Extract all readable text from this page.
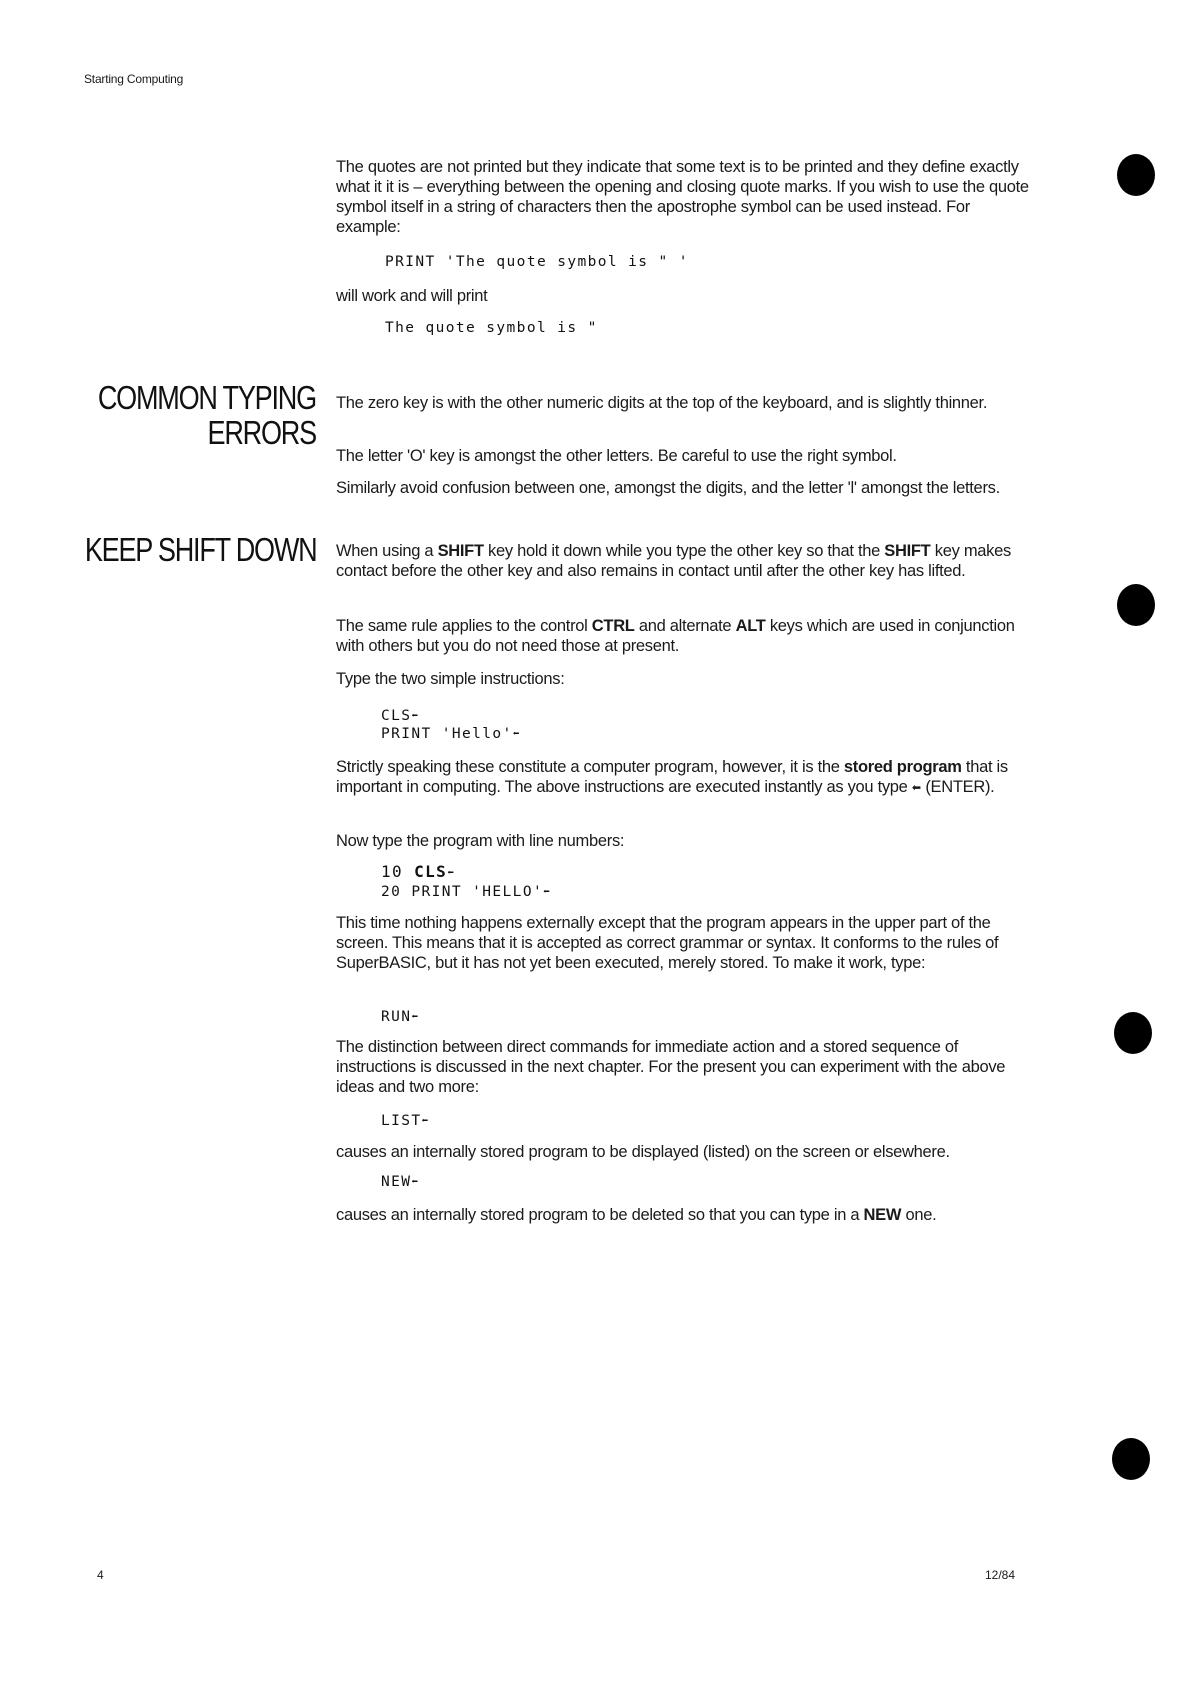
Starting Computing

The quotes are not printed but they indicate that some text is to be printed and they define exactly what it it is – everything between the opening and closing quote marks. If you wish to use the quote symbol itself in a string of characters then the apostrophe symbol can be used instead. For example:

PRINT 'The quote symbol is " '

will work and will print

The quote symbol is "
COMMON TYPING
ERRORS

The zero key is with the other numeric digits at the top of the keyboard, and is slightly thinner.

The letter 'O' key is amongst the other letters. Be careful to use the right symbol.

Similarly avoid confusion between one, amongst the digits, and the letter 'l' amongst the letters.

KEEP SHIFT DOWN When using a SHIFT key hold it down while you type the other key so that the SHIFT key makes contact before the other key and also remains in contact until after the other key has lifted.

The same rule applies to the control CTRL and alternate ALT keys which are used in conjunction with others but you do not need those at present.

Type the two simple instructions:

CLS⬅
PRINT 'Hello'⬅

Strictly speaking these constitute a computer program, however, it is the stored program that is important in computing. The above instructions are executed instantly as you type ⬅ (ENTER).

Now type the program with line numbers:

10 CLS⬅
20 PRINT 'HELLO'⬅

This time nothing happens externally except that the program appears in the upper part of the screen. This means that it is accepted as correct grammar or syntax. It conforms to the rules of SuperBASIC, but it has not yet been executed, merely stored. To make it work, type:

RUN⬅

The distinction between direct commands for immediate action and a stored sequence of instructions is discussed in the next chapter. For the present you can experiment with the above ideas and two more:

LIST⬅

causes an internally stored program to be displayed (listed) on the screen or elsewhere.

NEW⬅

causes an internally stored program to be deleted so that you can type in a NEW one.

4	12/84
